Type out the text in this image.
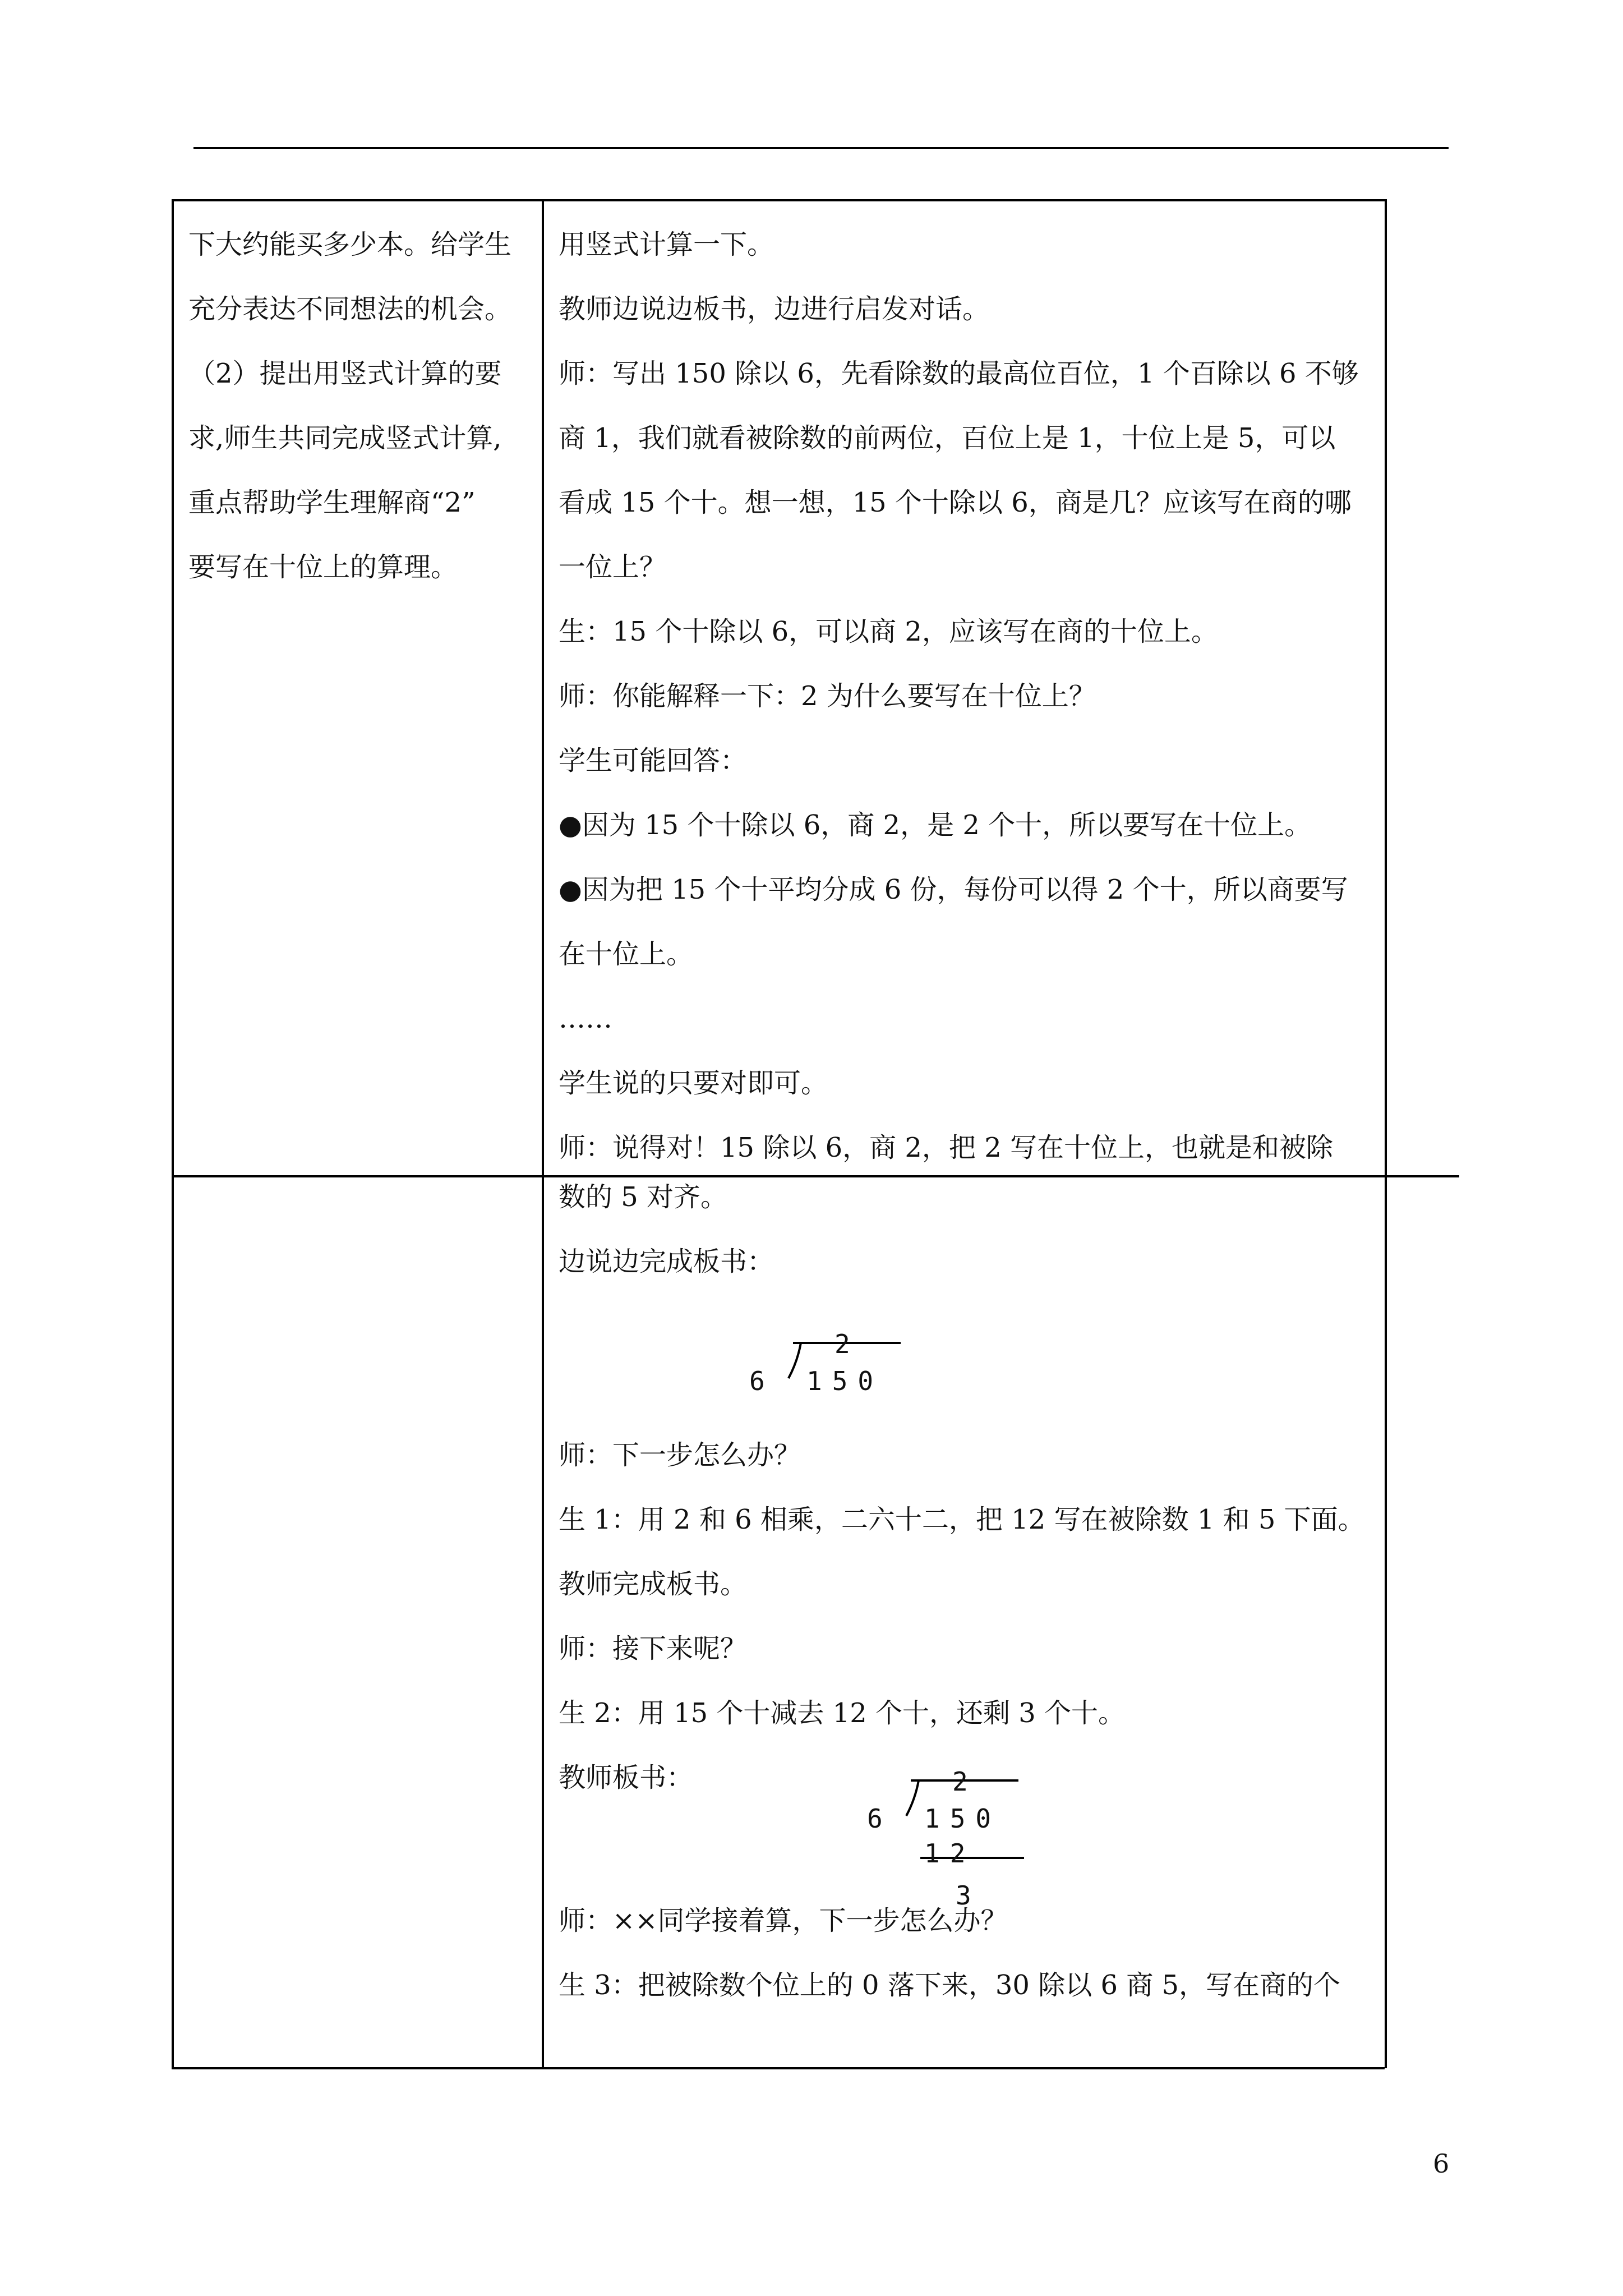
下大约能买多少本。给学生

充分表达不同想法的机会。

（2）提出用竖式计算的要

求,师生共同完成竖式计算,

重点帮助学生理解商“2”

要写在十位上的算理。

用竖式计算一下。

教师边说边板书，边进行启发对话。

师：写出 150 除以 6，先看除数的最高位百位，1 个百除以 6 不够

商 1，我们就看被除数的前两位，百位上是 1，十位上是 5，可以

看成 15 个十。想一想，15 个十除以 6，商是几？应该写在商的哪

一位上？

生：15 个十除以 6，可以商 2，应该写在商的十位上。

师：你能解释一下：2 为什么要写在十位上？

学生可能回答：

●因为 15 个十除以 6，商 2，是 2 个十，所以要写在十位上。

●因为把 15 个十平均分成 6 份，每份可以得 2 个十，所以商要写

在十位上。

……

学生说的只要对即可。

师：说得对！15 除以 6，商 2，把 2 写在十位上，也就是和被除

数的 5 对齐。

边说边完成板书：

2
6 150

师：下一步怎么办？

生 1：用 2 和 6 相乘，二六十二，把 12 写在被除数 1 和 5 下面。

教师完成板书。

师：接下来呢？

生 2：用 15 个十减去 12 个十，还剩 3 个十。

教师板书：	2
6 150
12
3

师：××同学接着算，下一步怎么办？

生 3：把被除数个位上的 0 落下来，30 除以 6 商 5，写在商的个

6
